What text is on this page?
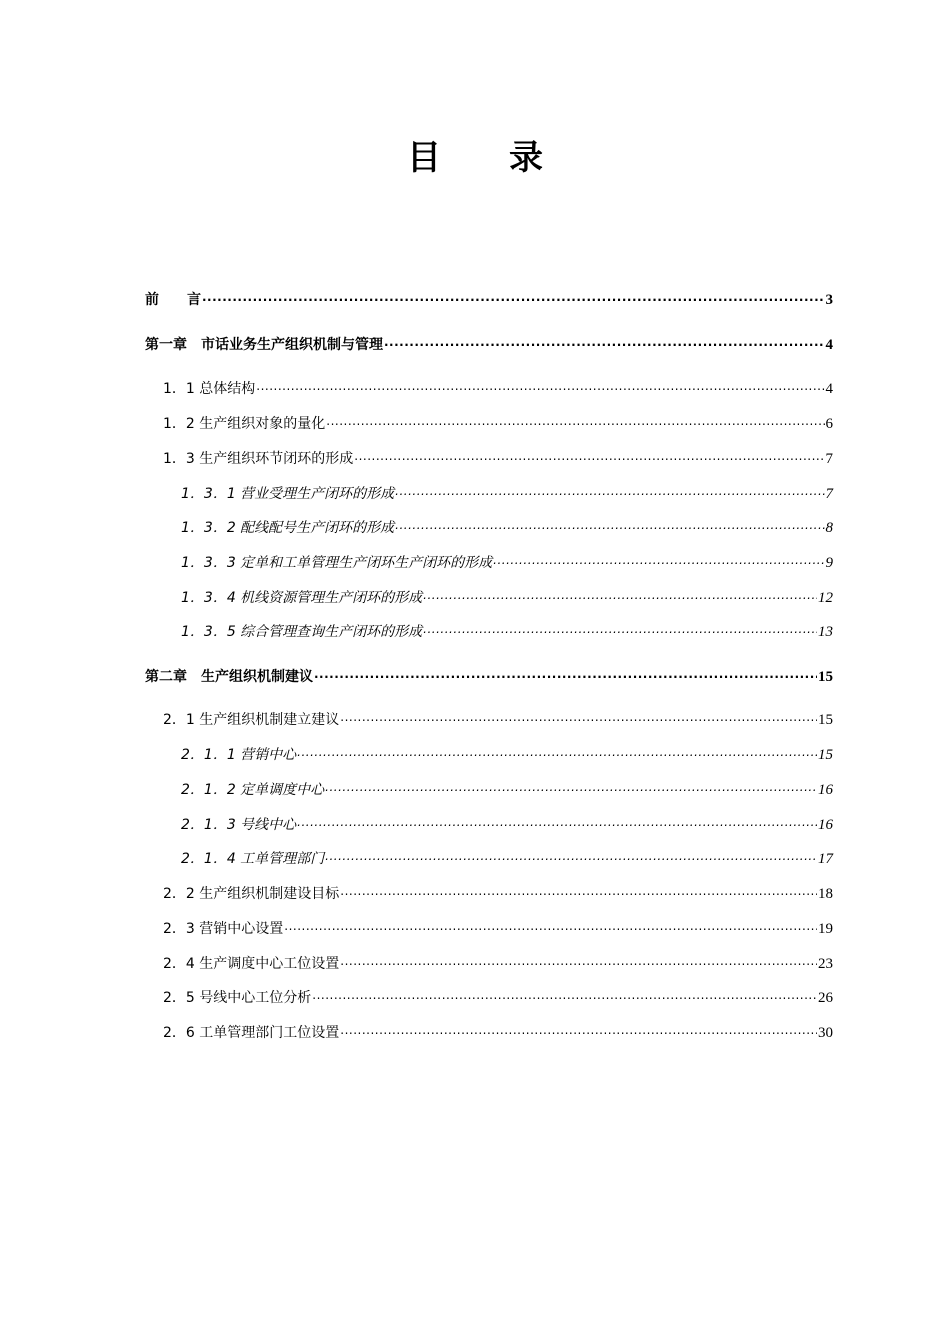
目　　录
前　　言 .....	3
第一章　市话业务生产组织机制与管理 .....	4
1．1 总体结构 .....	4
1．2 生产组织对象的量化 .....	6
1．3 生产组织环节闭环的形成 .....	7
1．3．1 营业受理生产闭环的形成 .....	7
1．3．2 配线配号生产闭环的形成 .....	8
1．3．3 定单和工单管理生产闭环生产闭环的形成 .....	9
1．3．4 机线资源管理生产闭环的形成 .....	12
1．3．5 综合管理查询生产闭环的形成 .....	13
第二章　生产组织机制建议 .....	15
2．1 生产组织机制建立建议 .....	15
2．1．1 营销中心 .....	15
2．1．2 定单调度中心 .....	16
2．1．3 号线中心 .....	16
2．1．4 工单管理部门 .....	17
2．2 生产组织机制建设目标 .....	18
2．3 营销中心设置 .....	19
2．4 生产调度中心工位设置 .....	23
2．5 号线中心工位分析 .....	26
2．6 工单管理部门工位设置 .....	30
